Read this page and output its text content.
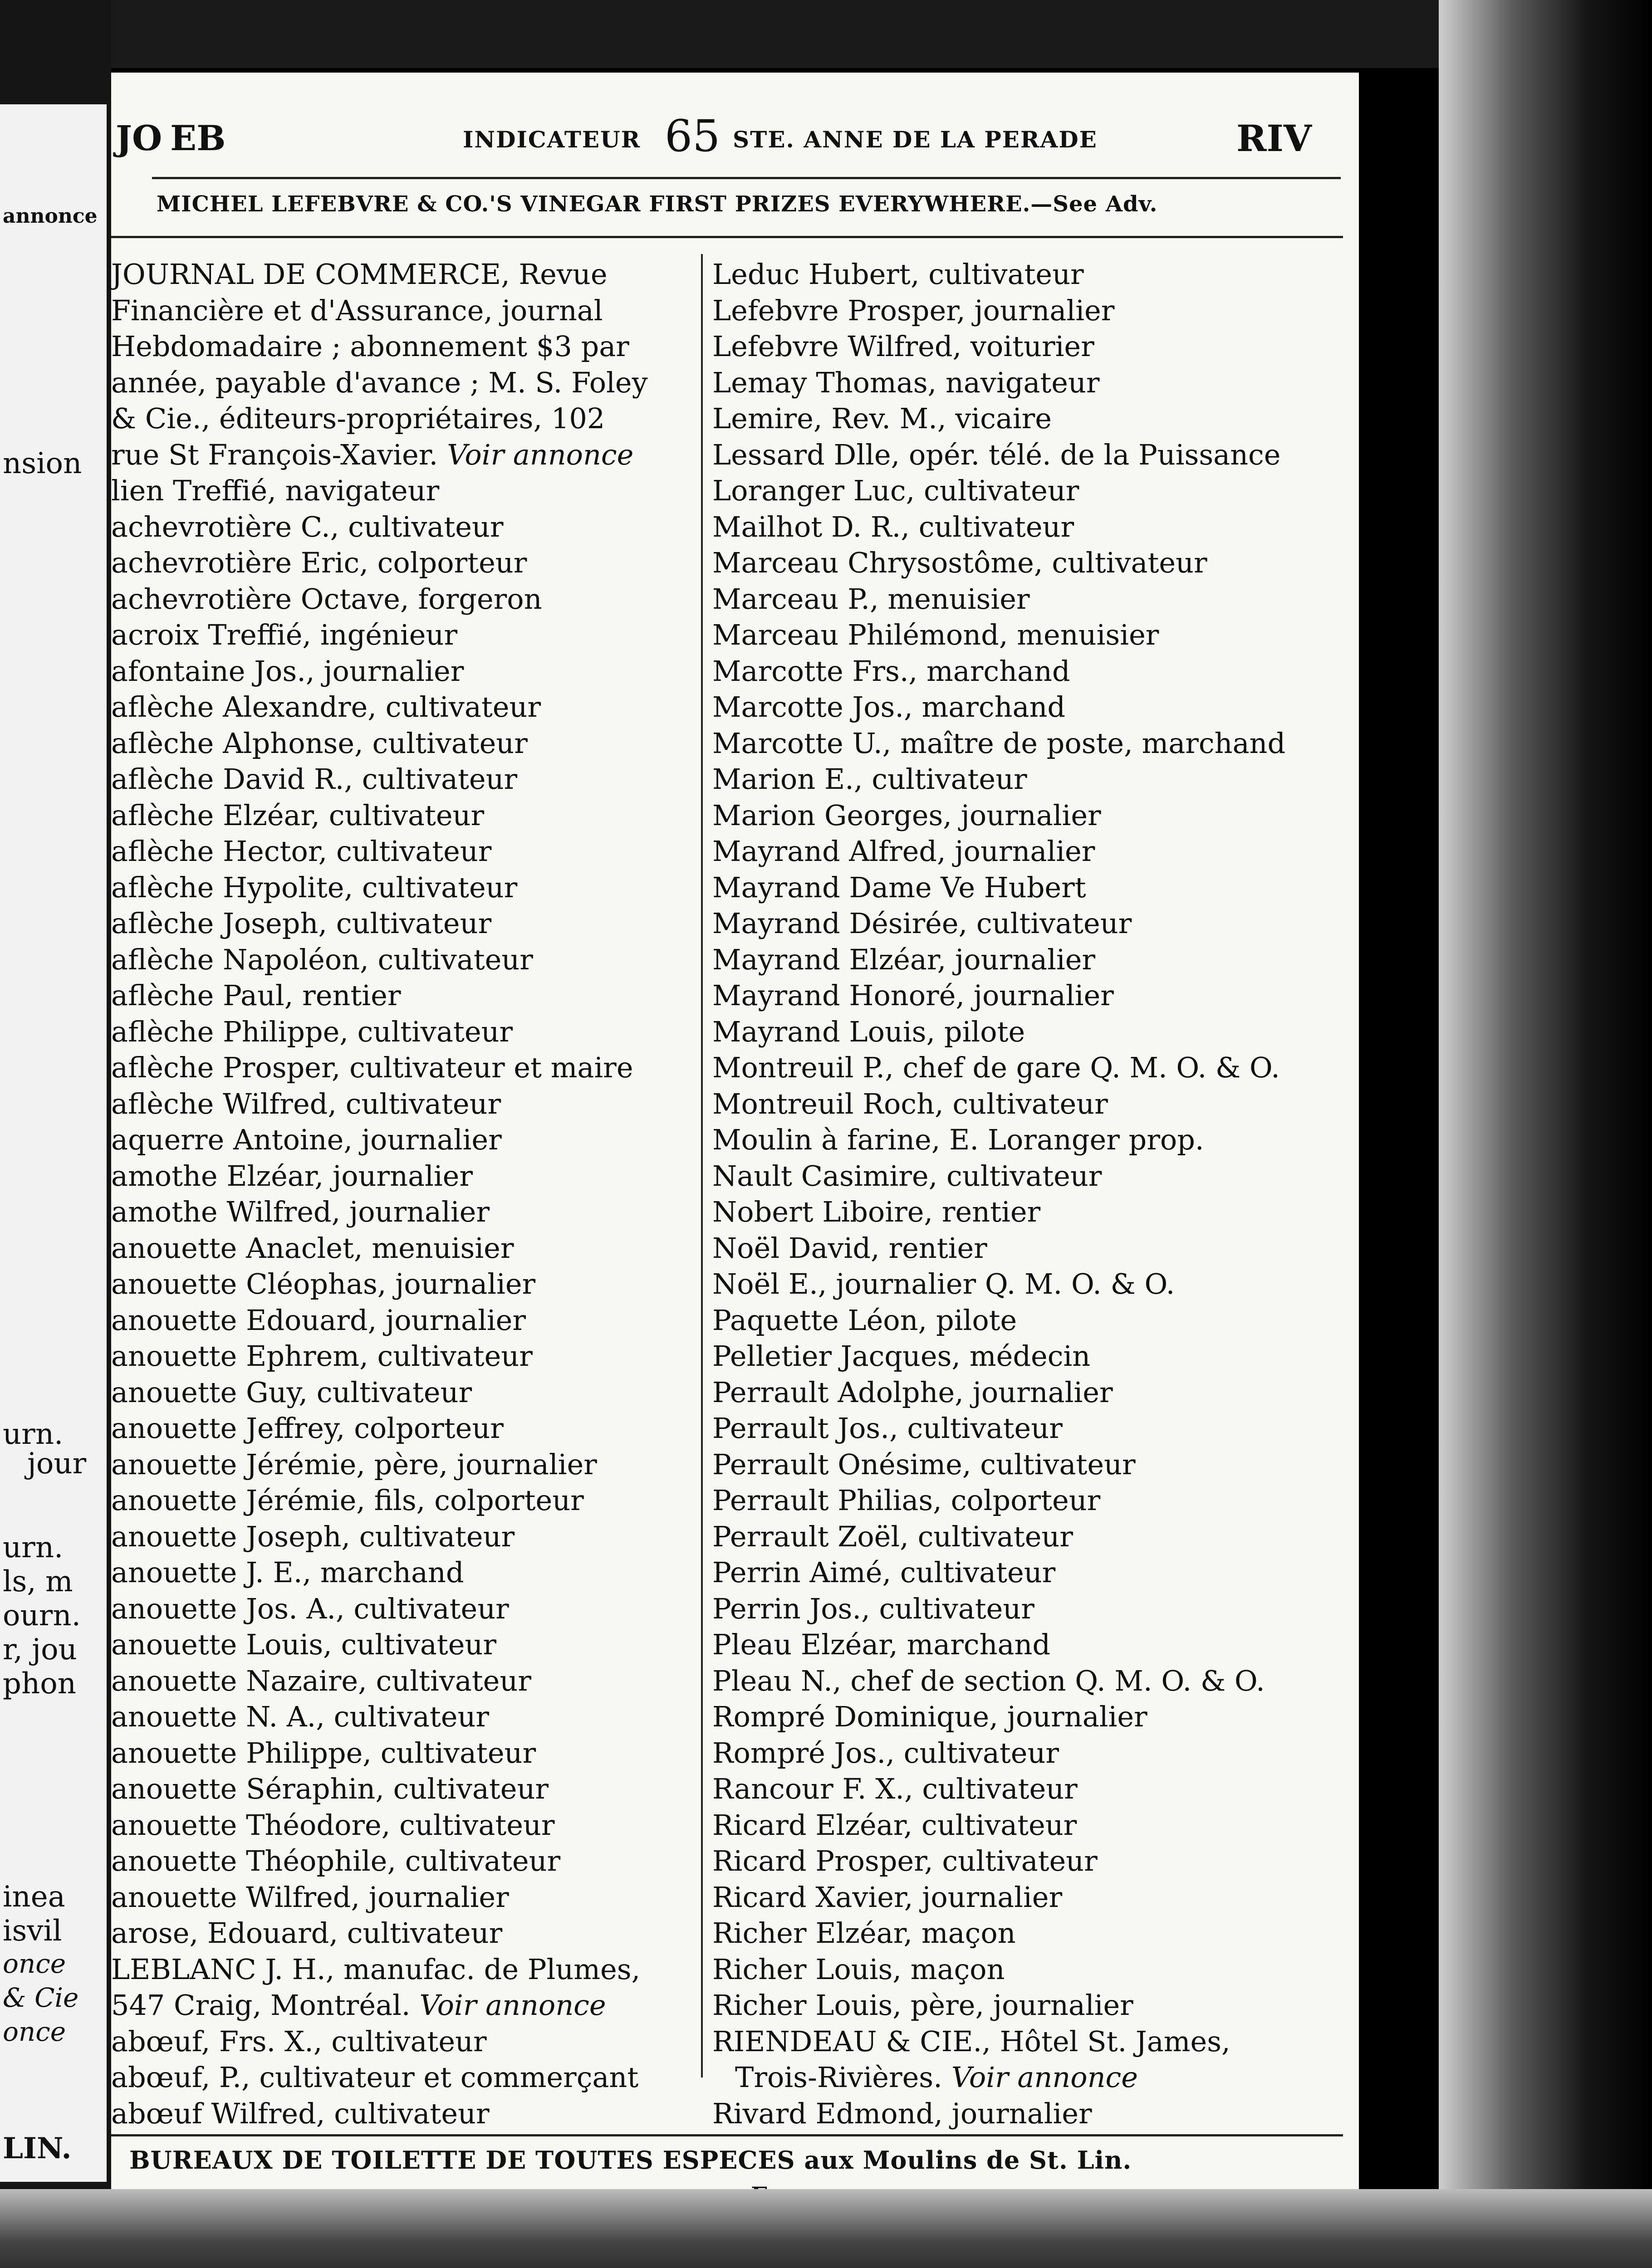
annonce
nsion
urn.
jour
urn.
ls, m
ourn.
r, jou
phon
inea
isvil
once
& Cie
once
LIN.
JO EB	INDICATEUR 65 STE. ANNE DE LA PERADE	RIV
MICHEL LEFEBVRE & CO.'S VINEGAR FIRST PRIZES EVERYWHERE.—See Adv.
JOURNAL DE COMMERCE, Revue
Financière et d'Assurance, journal
Hebdomadaire ; abonnement $3 par
année, payable d'avance ; M. S. Foley
& Cie., éditeurs-propriétaires, 102
rue St François-Xavier. Voir annonce
lien Treffié, navigateur
achevrotière C., cultivateur
achevrotière Eric, colporteur
achevrotière Octave, forgeron
acroix Treffié, ingénieur
afontaine Jos., journalier
aflèche Alexandre, cultivateur
aflèche Alphonse, cultivateur
aflèche David R., cultivateur
aflèche Elzéar, cultivateur
aflèche Hector, cultivateur
aflèche Hypolite, cultivateur
aflèche Joseph, cultivateur
aflèche Napoléon, cultivateur
aflèche Paul, rentier
aflèche Philippe, cultivateur
aflèche Prosper, cultivateur et maire
aflèche Wilfred, cultivateur
aquerre Antoine, journalier
amothe Elzéar, journalier
amothe Wilfred, journalier
anouette Anaclet, menuisier
anouette Cléophas, journalier
anouette Edouard, journalier
anouette Ephrem, cultivateur
anouette Guy, cultivateur
anouette Jeffrey, colporteur
anouette Jérémie, père, journalier
anouette Jérémie, fils, colporteur
anouette Joseph, cultivateur
anouette J. E., marchand
anouette Jos. A., cultivateur
anouette Louis, cultivateur
anouette Nazaire, cultivateur
anouette N. A., cultivateur
anouette Philippe, cultivateur
anouette Séraphin, cultivateur
anouette Théodore, cultivateur
anouette Théophile, cultivateur
anouette Wilfred, journalier
arose, Edouard, cultivateur
LEBLANC J. H., manufac. de Plumes,
547 Craig, Montréal. Voir annonce
abœuf, Frs. X., cultivateur
abœuf, P., cultivateur et commerçant
abœuf Wilfred, cultivateur
Leduc Hubert, cultivateur
Lefebvre Prosper, journalier
Lefebvre Wilfred, voiturier
Lemay Thomas, navigateur
Lemire, Rev. M., vicaire
Lessard Dlle, opér. télé. de la Puissance
Loranger Luc, cultivateur
Mailhot D. R., cultivateur
Marceau Chrysostôme, cultivateur
Marceau P., menuisier
Marceau Philémond, menuisier
Marcotte Frs., marchand
Marcotte Jos., marchand
Marcotte U., maître de poste, marchand
Marion E., cultivateur
Marion Georges, journalier
Mayrand Alfred, journalier
Mayrand Dame Ve Hubert
Mayrand Désirée, cultivateur
Mayrand Elzéar, journalier
Mayrand Honoré, journalier
Mayrand Louis, pilote
Montreuil P., chef de gare Q. M. O. & O.
Montreuil Roch, cultivateur
Moulin à farine, E. Loranger prop.
Nault Casimire, cultivateur
Nobert Liboire, rentier
Noël David, rentier
Noël E., journalier Q. M. O. & O.
Paquette Léon, pilote
Pelletier Jacques, médecin
Perrault Adolphe, journalier
Perrault Jos., cultivateur
Perrault Onésime, cultivateur
Perrault Philias, colporteur
Perrault Zoël, cultivateur
Perrin Aimé, cultivateur
Perrin Jos., cultivateur
Pleau Elzéar, marchand
Pleau N., chef de section Q. M. O. & O.
Rompré Dominique, journalier
Rompré Jos., cultivateur
Rancour F. X., cultivateur
Ricard Elzéar, cultivateur
Ricard Prosper, cultivateur
Ricard Xavier, journalier
Richer Elzéar, maçon
Richer Louis, maçon
Richer Louis, père, journalier
RIENDEAU & CIE., Hôtel St. James,
Trois-Rivières. Voir annonce
Rivard Edmond, journalier
BUREAUX DE TOILETTE DE TOUTES ESPECES aux Moulins de St. Lin.
